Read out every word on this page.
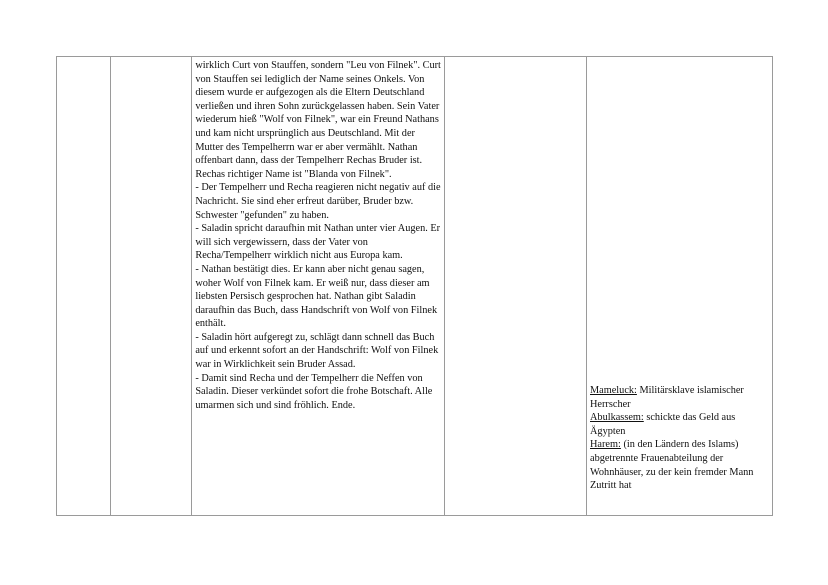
wirklich Curt von Stauffen, sondern "Leu von Filnek". Curt von Stauffen sei lediglich der Name seines Onkels. Von diesem wurde er aufgezogen als die Eltern Deutschland verließen und ihren Sohn zurückgelassen haben. Sein Vater wiederum hieß "Wolf von Filnek", war ein Freund Nathans und kam nicht ursprünglich aus Deutschland. Mit der Mutter des Tempelherrn war er aber vermählt. Nathan offenbart dann, dass der Tempelherr Rechas Bruder ist. Rechas richtiger Name ist "Blanda von Filnek".

- Der Tempelherr und Recha reagieren nicht negativ auf die Nachricht. Sie sind eher erfreut darüber, Bruder bzw. Schwester "gefunden" zu haben.

- Saladin spricht daraufhin mit Nathan unter vier Augen. Er will sich vergewissern, dass der Vater von Recha/Tempelherr wirklich nicht aus Europa kam.

- Nathan bestätigt dies. Er kann aber nicht genau sagen, woher Wolf von Filnek kam. Er weiß nur, dass dieser am liebsten Persisch gesprochen hat. Nathan gibt Saladin daraufhin das Buch, dass Handschrift von Wolf von Filnek enthält.

- Saladin hört aufgeregt zu, schlägt dann schnell das Buch auf und erkennt sofort an der Handschrift: Wolf von Filnek war in Wirklichkeit sein Bruder Assad.

- Damit sind Recha und der Tempelherr die Neffen von Saladin. Dieser verkündet sofort die frohe Botschaft. Alle umarmen sich und sind fröhlich. Ende.

Mameluck: Militärsklave islamischer Herrscher

Abulkassem: schickte das Geld aus Ägypten

Harem: (in den Ländern des Islams) abgetrennte Frauenabteilung der Wohnhäuser, zu der kein fremder Mann Zutritt hat
